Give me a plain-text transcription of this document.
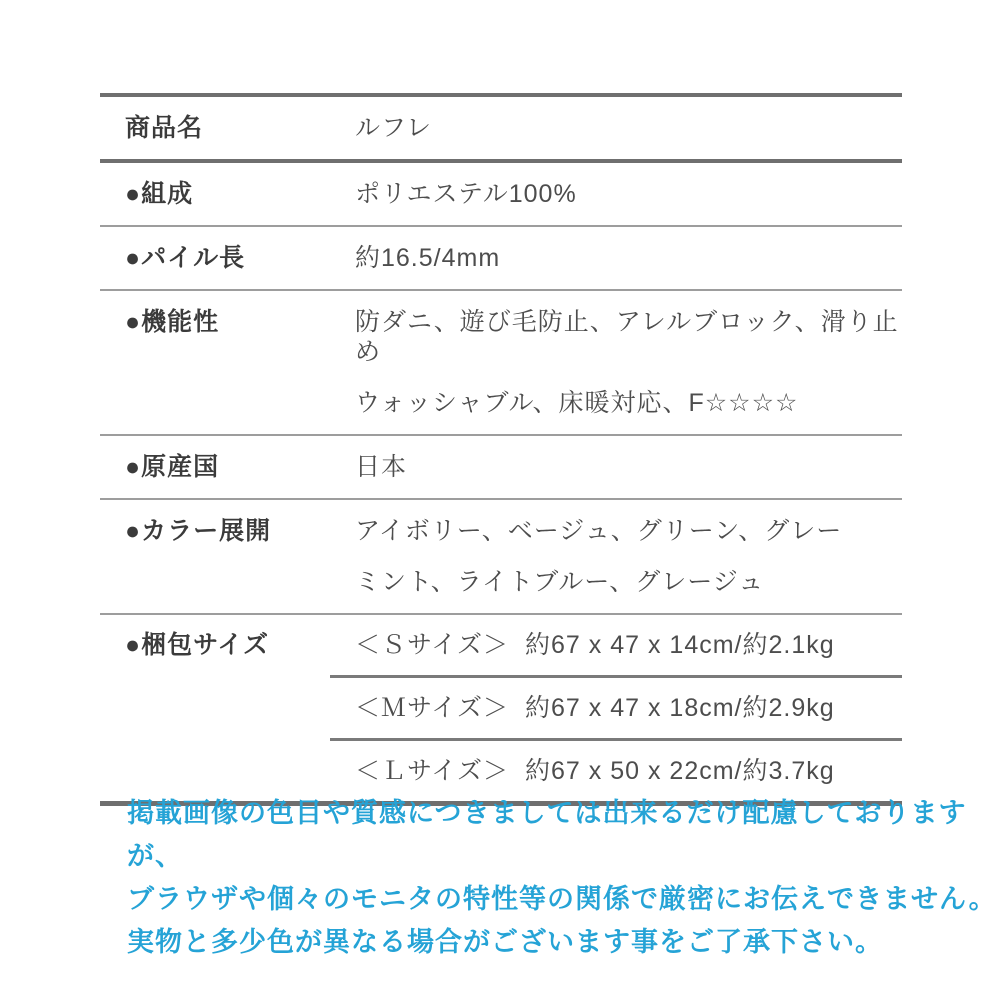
商品名	ルフレ
●組成	ポリエステル100%
●パイル長	約16.5/4mm
●機能性	防ダニ、遊び毛防止、アレルブロック、滑り止め
ウォッシャブル、床暖対応、F☆☆☆☆
●原産国	日本
●カラー展開	アイボリー、ベージュ、グリーン、グレー
ミント、ライトブルー、グレージュ
●梱包サイズ	＜Ｓサイズ＞ 約67 x 47 x 14cm/約2.1kg
＜Ｍサイズ＞ 約67 x 47 x 18cm/約2.9kg
＜Ｌサイズ＞ 約67 x 50 x 22cm/約3.7kg
掲載画像の色目や質感につきましては出来るだけ配慮しておりますが、
ブラウザや個々のモニタの特性等の関係で厳密にお伝えできません。
実物と多少色が異なる場合がございます事をご了承下さい。
